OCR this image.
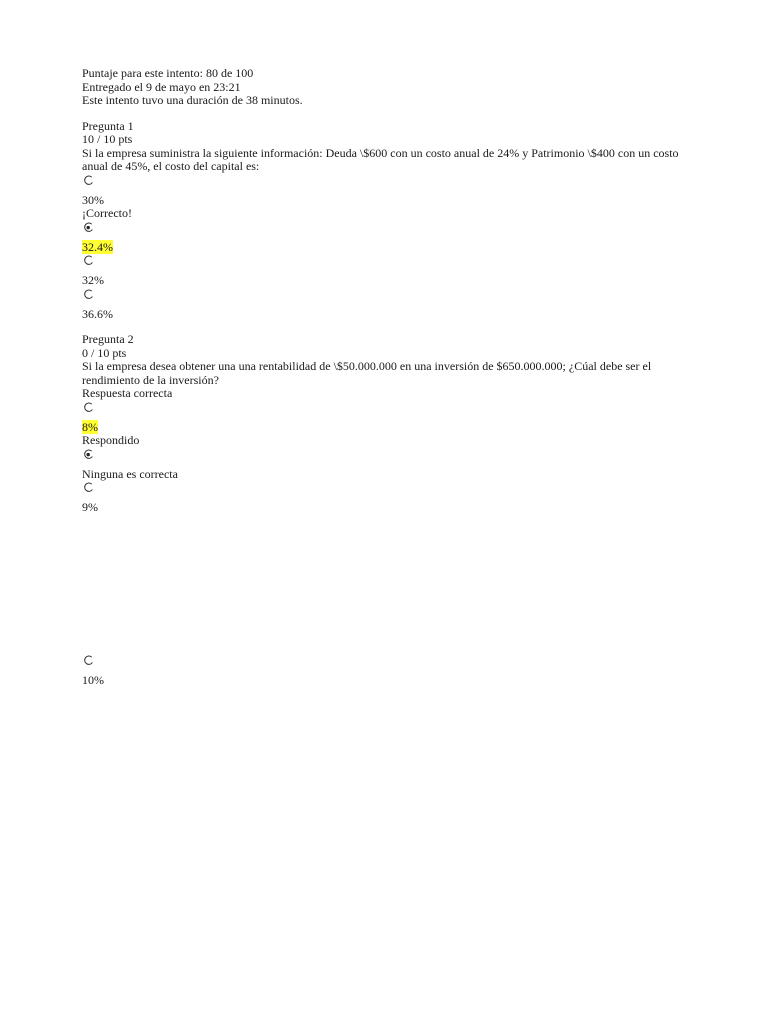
Puntaje para este intento: 80 de 100
Entregado el 9 de mayo en 23:21
Este intento tuvo una duración de 38 minutos.
Pregunta 1
10 / 10 pts
Si la empresa suministra la siguiente información: Deuda \$600 con un costo anual de 24% y Patrimonio \$400 con un costo anual de 45%, el costo del capital es:
30%
¡Correcto!
32.4%
32%
36.6%
Pregunta 2
0 / 10 pts
Si la empresa desea obtener una una rentabilidad de \$50.000.000 en una inversión de $650.000.000; ¿Cúal debe ser el rendimiento de la inversión?
Respuesta correcta
8%
Respondido
Ninguna es correcta
9%
10%
